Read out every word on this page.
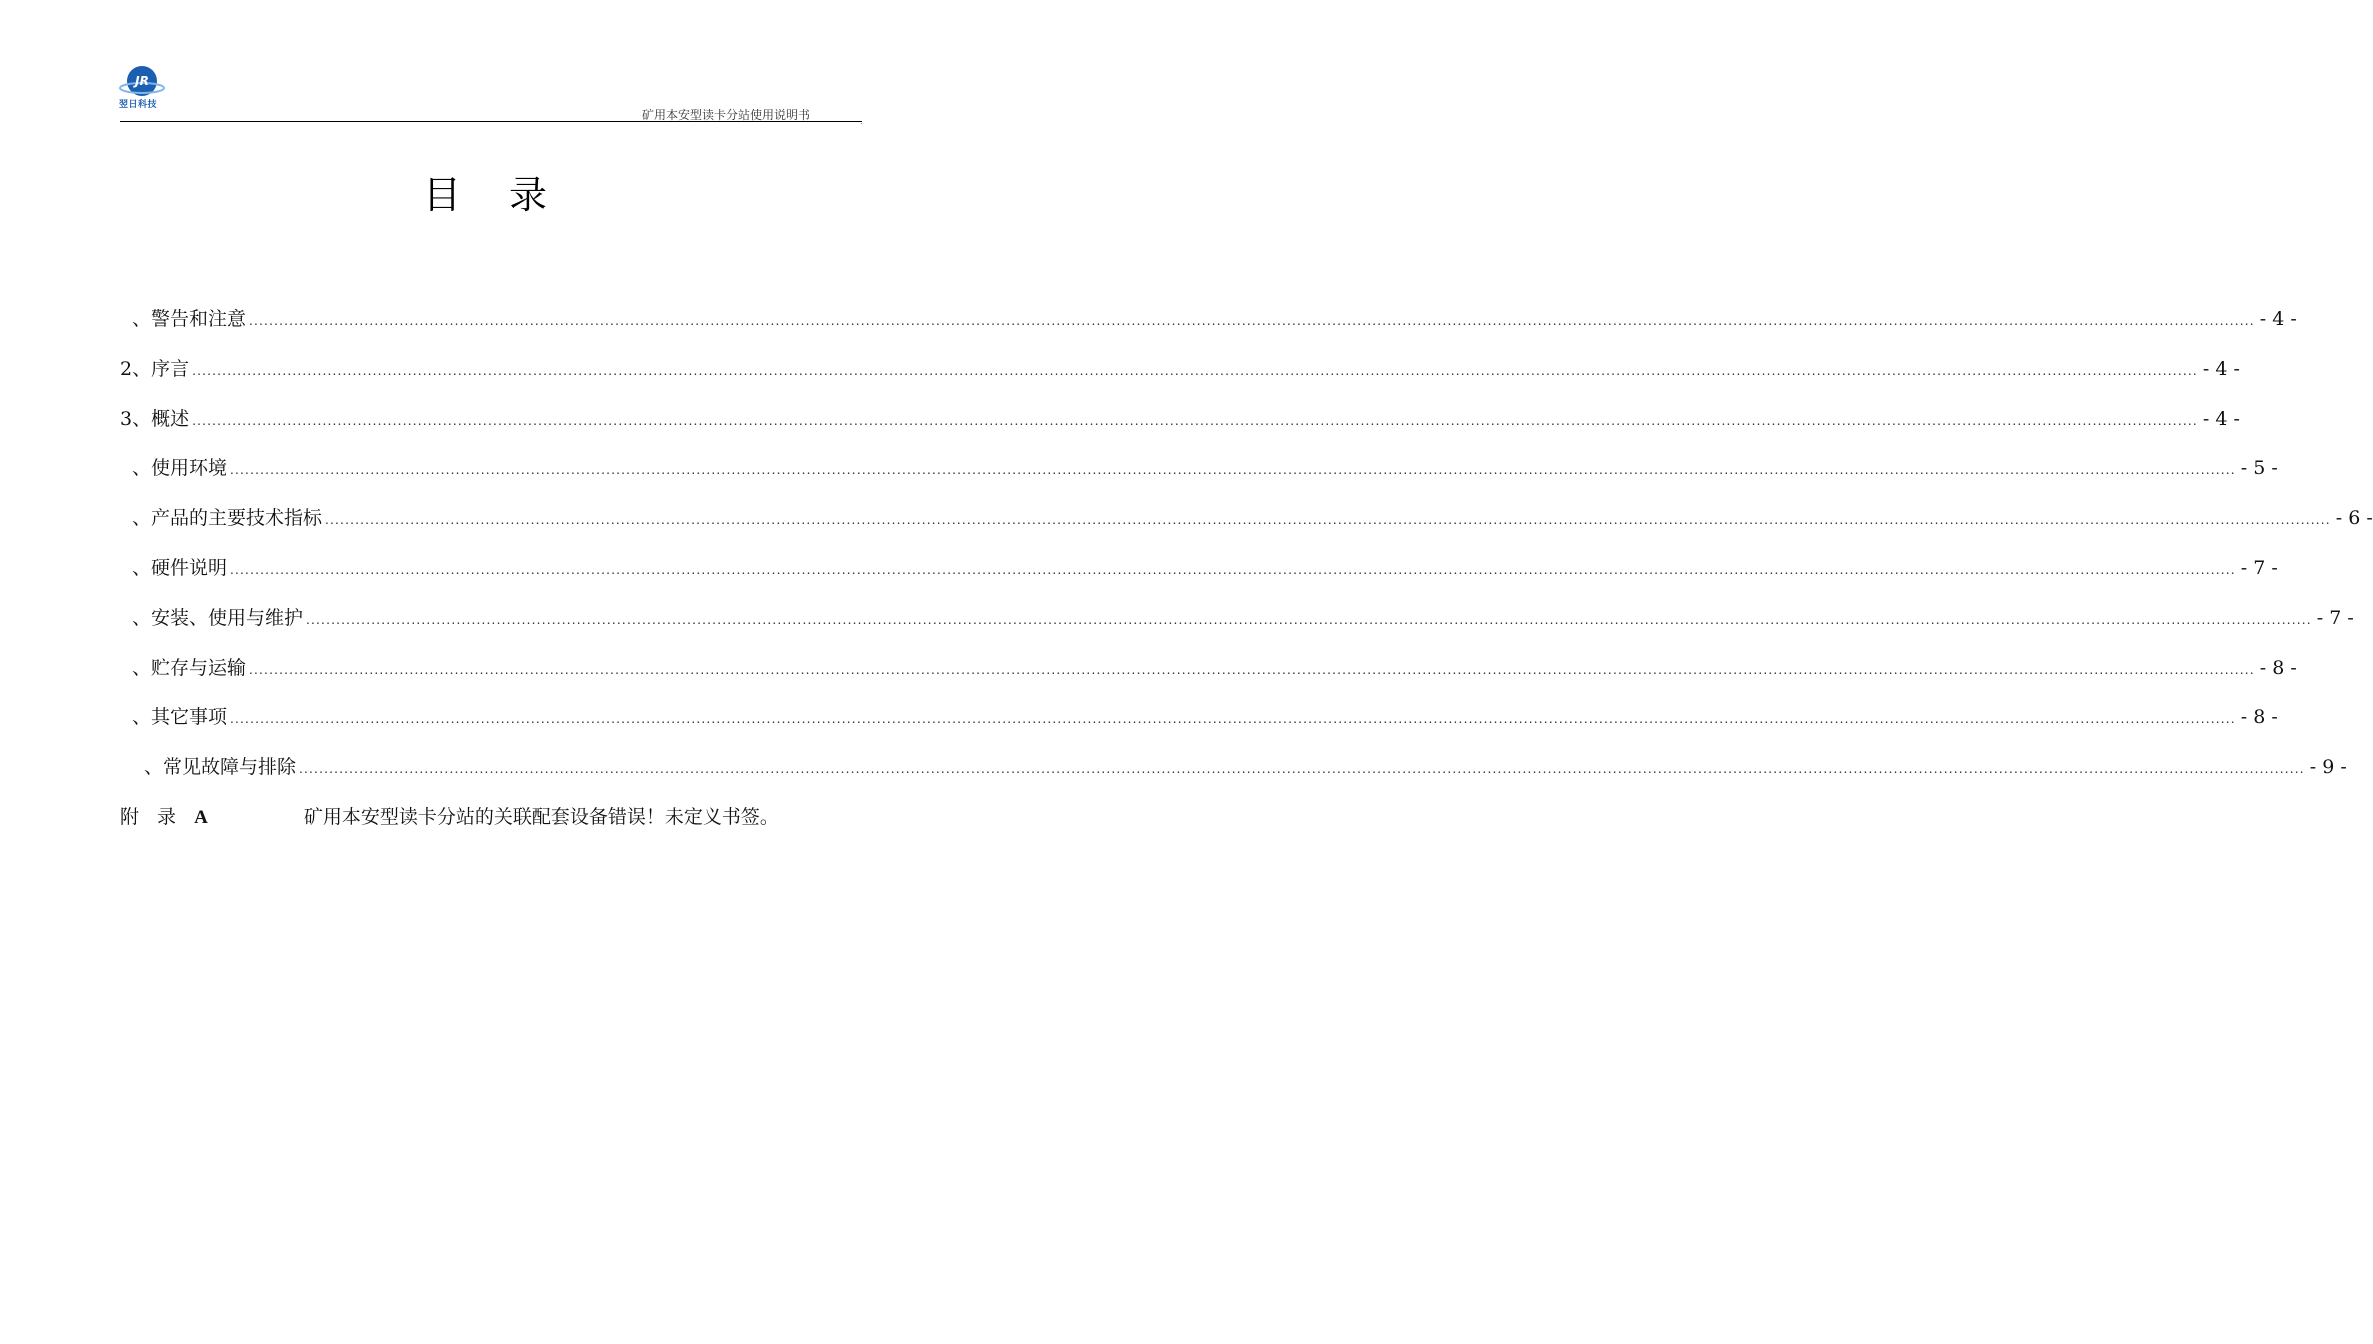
JR
翌日科技
矿用本安型读卡分站使用说明书	.
目 录
、警告和注意 ................................................................................................................................................................................................................................................................................................................................................................................................................ - 4 -
2、序言 ................................................................................................................................................................................................................................................................................................................................................................................................................ - 4 -
3、概述 ................................................................................................................................................................................................................................................................................................................................................................................................................ - 4 -
、使用环境 ................................................................................................................................................................................................................................................................................................................................................................................................................ - 5 -
、产品的主要技术指标 ................................................................................................................................................................................................................................................................................................................................................................................................................ - 6 -
、硬件说明 ................................................................................................................................................................................................................................................................................................................................................................................................................ - 7 -
、安装、使用与维护 ................................................................................................................................................................................................................................................................................................................................................................................................................ - 7 -
、贮存与运输 ................................................................................................................................................................................................................................................................................................................................................................................................................ - 8 -
、其它事项 ................................................................................................................................................................................................................................................................................................................................................................................................................ - 8 -
、常见故障与排除 ................................................................................................................................................................................................................................................................................................................................................................................................................ - 9 -
附 录 A	矿用本安型读卡分站的关联配套设备 错误！未定义书签。
